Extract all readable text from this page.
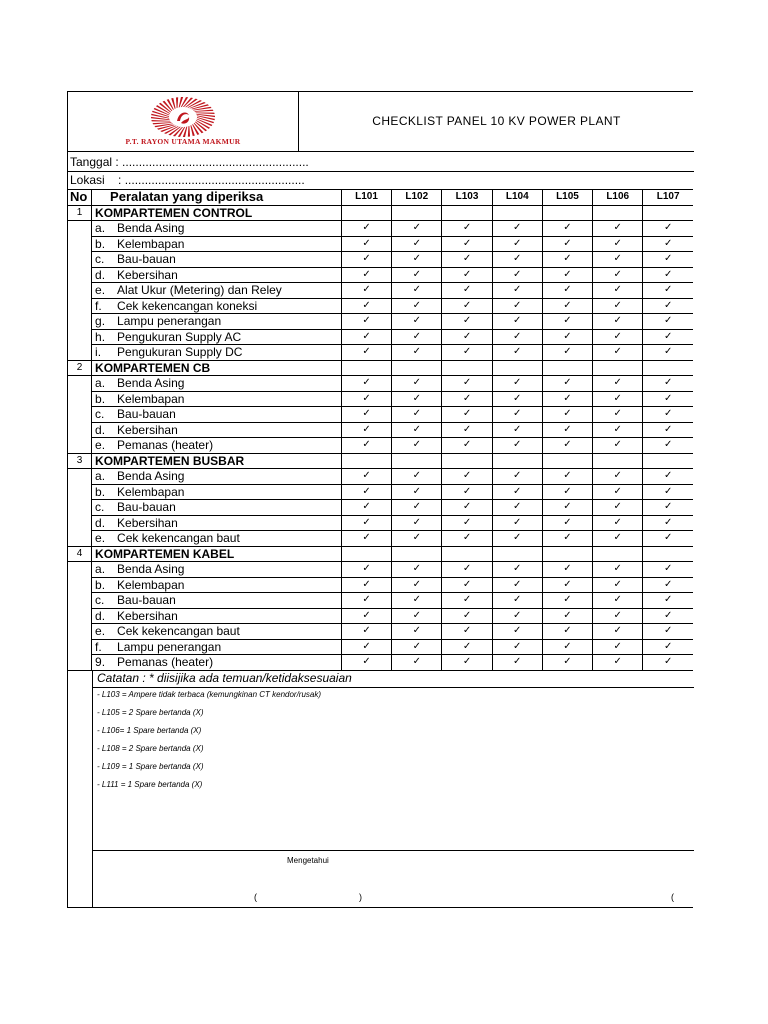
P.T. RAYON UTAMA MAKMUR
CHECKLIST PANEL 10 KV POWER PLANT
Tanggal : ........................................................
Lokasi    : ......................................................
No	Peralatan yang diperiksa	L101	L102	L103	L104	L105	L106	L107
1	KOMPARTEMEN CONTROL							
	a. Benda Asing	✓	✓	✓	✓	✓	✓	✓
	b. Kelembapan	✓	✓	✓	✓	✓	✓	✓
	c. Bau-bauan	✓	✓	✓	✓	✓	✓	✓
	d. Kebersihan	✓	✓	✓	✓	✓	✓	✓
	e. Alat Ukur (Metering) dan Reley	✓	✓	✓	✓	✓	✓	✓
	f. Cek kekencangan koneksi	✓	✓	✓	✓	✓	✓	✓
	g. Lampu penerangan	✓	✓	✓	✓	✓	✓	✓
	h. Pengukuran Supply AC	✓	✓	✓	✓	✓	✓	✓
	i. Pengukuran Supply DC	✓	✓	✓	✓	✓	✓	✓
2	KOMPARTEMEN CB							
	a. Benda Asing	✓	✓	✓	✓	✓	✓	✓
	b. Kelembapan	✓	✓	✓	✓	✓	✓	✓
	c. Bau-bauan	✓	✓	✓	✓	✓	✓	✓
	d. Kebersihan	✓	✓	✓	✓	✓	✓	✓
	e. Pemanas (heater)	✓	✓	✓	✓	✓	✓	✓
3	KOMPARTEMEN BUSBAR							
	a. Benda Asing	✓	✓	✓	✓	✓	✓	✓
	b. Kelembapan	✓	✓	✓	✓	✓	✓	✓
	c. Bau-bauan	✓	✓	✓	✓	✓	✓	✓
	d. Kebersihan	✓	✓	✓	✓	✓	✓	✓
	e. Cek kekencangan baut	✓	✓	✓	✓	✓	✓	✓
4	KOMPARTEMEN KABEL							
	a. Benda Asing	✓	✓	✓	✓	✓	✓	✓
	b. Kelembapan	✓	✓	✓	✓	✓	✓	✓
	c. Bau-bauan	✓	✓	✓	✓	✓	✓	✓
	d. Kebersihan	✓	✓	✓	✓	✓	✓	✓
	e. Cek kekencangan baut	✓	✓	✓	✓	✓	✓	✓
	f. Lampu penerangan	✓	✓	✓	✓	✓	✓	✓
	9. Pemanas (heater)	✓	✓	✓	✓	✓	✓	✓
Catatan : * diisijika ada temuan/ketidaksesuaian
- L103 = Ampere tidak terbaca (kemungkinan CT kendor/rusak)
- L105 = 2 Spare bertanda (X)
- L106= 1 Spare bertanda (X)
- L108 = 2 Spare bertanda (X)
- L109 = 1 Spare bertanda (X)
- L111 = 1 Spare bertanda (X)
Mengetahui
(	)	(
